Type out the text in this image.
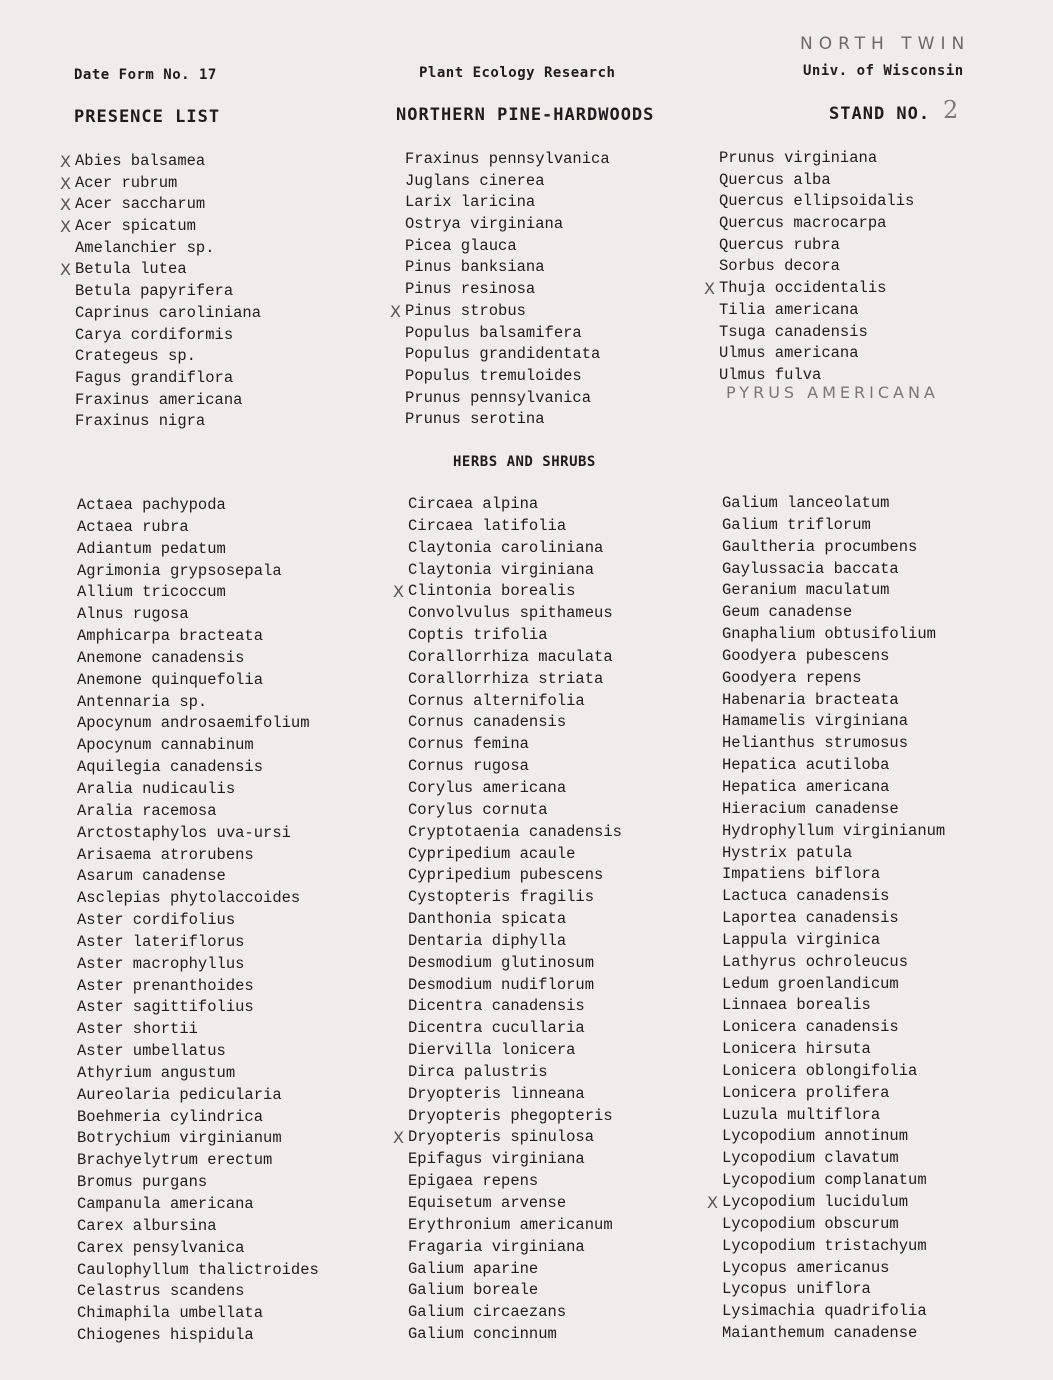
NORTH TWIN
Date Form No. 17	Plant Ecology Research	Univ. of Wisconsin
PRESENCE LIST	NORTHERN PINE-HARDWOODS	STAND NO. 2
X Abies balsamea
X Acer rubrum
X Acer saccharum
X Acer spicatum
Amelanchier sp.
X Betula lutea
Betula papyrifera
Caprinus caroliniana
Carya cordiformis
Crategeus sp.
Fagus grandiflora
Fraxinus americana
Fraxinus nigra
Fraxinus pennsylvanica
Juglans cinerea
Larix laricina
Ostrya virginiana
Picea glauca
Pinus banksiana
Pinus resinosa
X Pinus strobus
Populus balsamifera
Populus grandidentata
Populus tremuloides
Prunus pennsylvanica
Prunus serotina
Prunus virginiana
Quercus alba
Quercus ellipsoidalis
Quercus macrocarpa
Quercus rubra
Sorbus decora
X Thuja occidentalis
Tilia americana
Tsuga canadensis
Ulmus americana
Ulmus fulva
PYRUS AMERICANA
HERBS AND SHRUBS
Actaea pachypoda
Actaea rubra
Adiantum pedatum
Agrimonia grypsosepala
Allium tricoccum
Alnus rugosa
Amphicarpa bracteata
Anemone canadensis
Anemone quinquefolia
Antennaria sp.
Apocynum androsaemifolium
Apocynum cannabinum
Aquilegia canadensis
Aralia nudicaulis
Aralia racemosa
Arctostaphylos uva-ursi
Arisaema atrorubens
Asarum canadense
Asclepias phytolaccoides
Aster cordifolius
Aster lateriflorus
Aster macrophyllus
Aster prenanthoides
Aster sagittifolius
Aster shortii
Aster umbellatus
Athyrium angustum
Aureolaria pedicularia
Boehmeria cylindrica
Botrychium virginianum
Brachyelytrum erectum
Bromus purgans
Campanula americana
Carex albursina
Carex pensylvanica
Caulophyllum thalictroides
Celastrus scandens
Chimaphila umbellata
Chiogenes hispidula
Circaea alpina
Circaea latifolia
Claytonia caroliniana
Claytonia virginiana
X Clintonia borealis
Convolvulus spithameus
Coptis trifolia
Corallorrhiza maculata
Corallorrhiza striata
Cornus alternifolia
Cornus canadensis
Cornus femina
Cornus rugosa
Corylus americana
Corylus cornuta
Cryptotaenia canadensis
Cypripedium acaule
Cypripedium pubescens
Cystopteris fragilis
Danthonia spicata
Dentaria diphylla
Desmodium glutinosum
Desmodium nudiflorum
Dicentra canadensis
Dicentra cucullaria
Diervilla lonicera
Dirca palustris
Dryopteris linneana
Dryopteris phegopteris
X Dryopteris spinulosa
Epifagus virginiana
Epigaea repens
Equisetum arvense
Erythronium americanum
Fragaria virginiana
Galium aparine
Galium boreale
Galium circaezans
Galium concinnum
Galium lanceolatum
Galium triflorum
Gaultheria procumbens
Gaylussacia baccata
Geranium maculatum
Geum canadense
Gnaphalium obtusifolium
Goodyera pubescens
Goodyera repens
Habenaria bracteata
Hamamelis virginiana
Helianthus strumosus
Hepatica acutiloba
Hepatica americana
Hieracium canadense
Hydrophyllum virginianum
Hystrix patula
Impatiens biflora
Lactuca canadensis
Laportea canadensis
Lappula virginica
Lathyrus ochroleucus
Ledum groenlandicum
Linnaea borealis
Lonicera canadensis
Lonicera hirsuta
Lonicera oblongifolia
Lonicera prolifera
Luzula multiflora
Lycopodium annotinum
Lycopodium clavatum
Lycopodium complanatum
X Lycopodium lucidulum
Lycopodium obscurum
Lycopodium tristachyum
Lycopus americanus
Lycopus uniflora
Lysimachia quadrifolia
Maianthemum canadense
